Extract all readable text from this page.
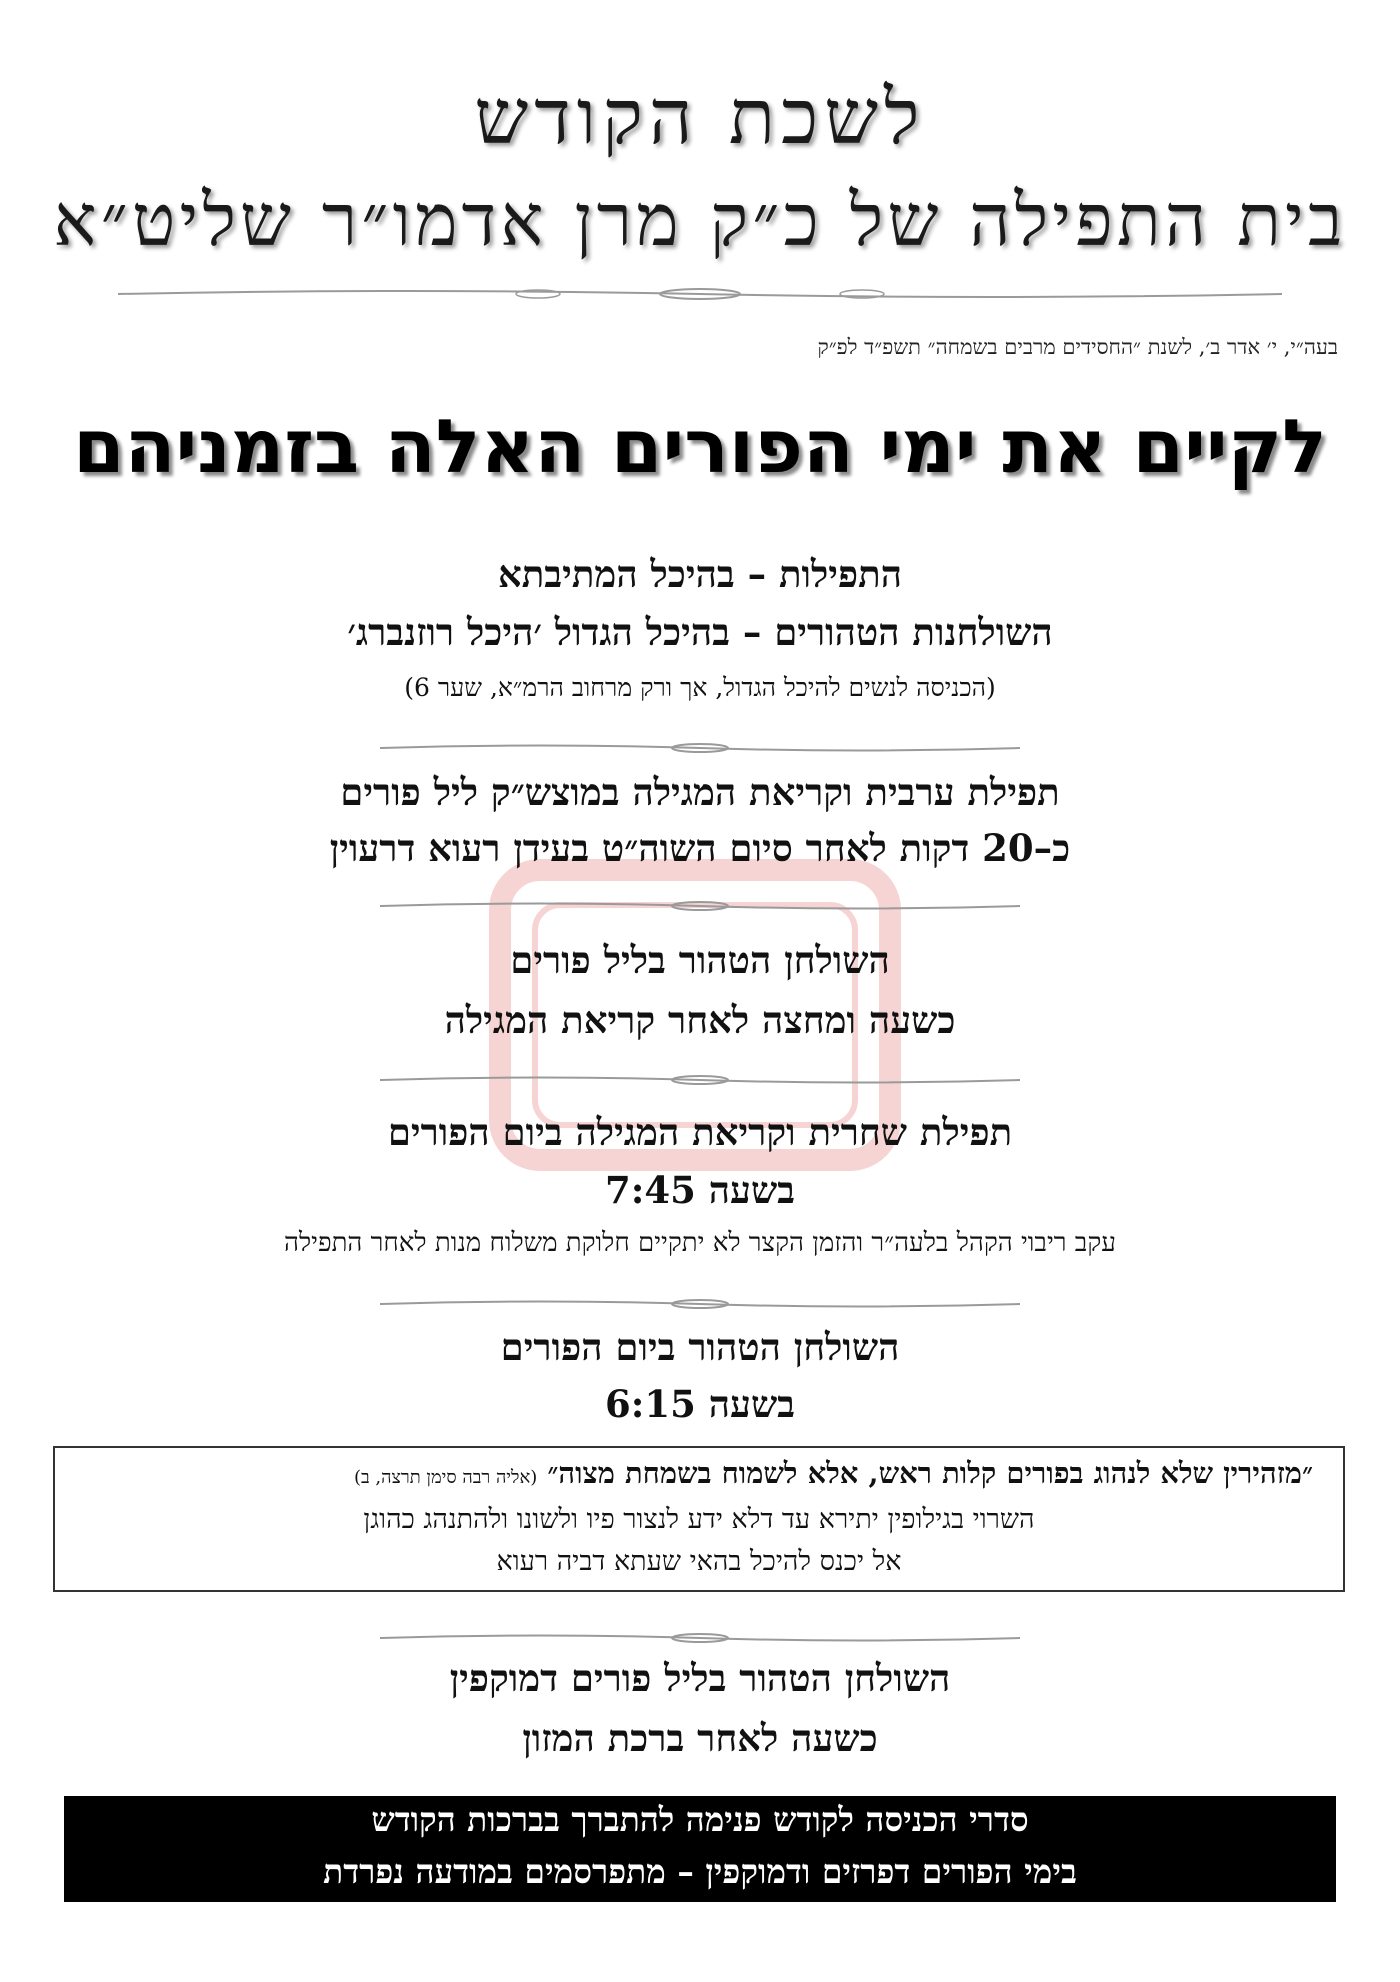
לשכת הקודש
בית התפילה של כ״ק מרן אדמו״ר שליט״א
בעה״י, י׳ אדר ב׳, לשנת ״החסידים מרבים בשמחה״ תשפ״ד לפ״ק
לקיים את ימי הפורים האלה בזמניהם
התפילות – בהיכל המתיבתא
השולחנות הטהורים – בהיכל הגדול ׳היכל רוזנברג׳
(הכניסה לנשים להיכל הגדול, אך ורק מרחוב הרמ״א, שער 6)
תפילת ערבית וקריאת המגילה במוצש״ק ליל פורים
כ–20 דקות לאחר סיום השוה״ט בעידן רעוא דרעוין
השולחן הטהור בליל פורים
כשעה ומחצה לאחר קריאת המגילה
תפילת שחרית וקריאת המגילה ביום הפורים
בשעה 7:45
עקב ריבוי הקהל בלעה״ר והזמן הקצר לא יתקיים חלוקת משלוח מנות לאחר התפילה
השולחן הטהור ביום הפורים
בשעה 6:15
״מזהירין שלא לנהוג בפורים קלות ראש, אלא לשמוח בשמחת מצוה״ (אליה רבה סימן תרצה, ב)
השרוי בגילופין יתירא עד דלא ידע לנצור פיו ולשונו ולהתנהג כהוגן
אל יכנס להיכל בהאי שעתא דביה רעוא
השולחן הטהור בליל פורים דמוקפין
כשעה לאחר ברכת המזון
סדרי הכניסה לקודש פנימה להתברך בברכות הקודש
בימי הפורים דפרזים ודמוקפין – מתפרסמים במודעה נפרדת
